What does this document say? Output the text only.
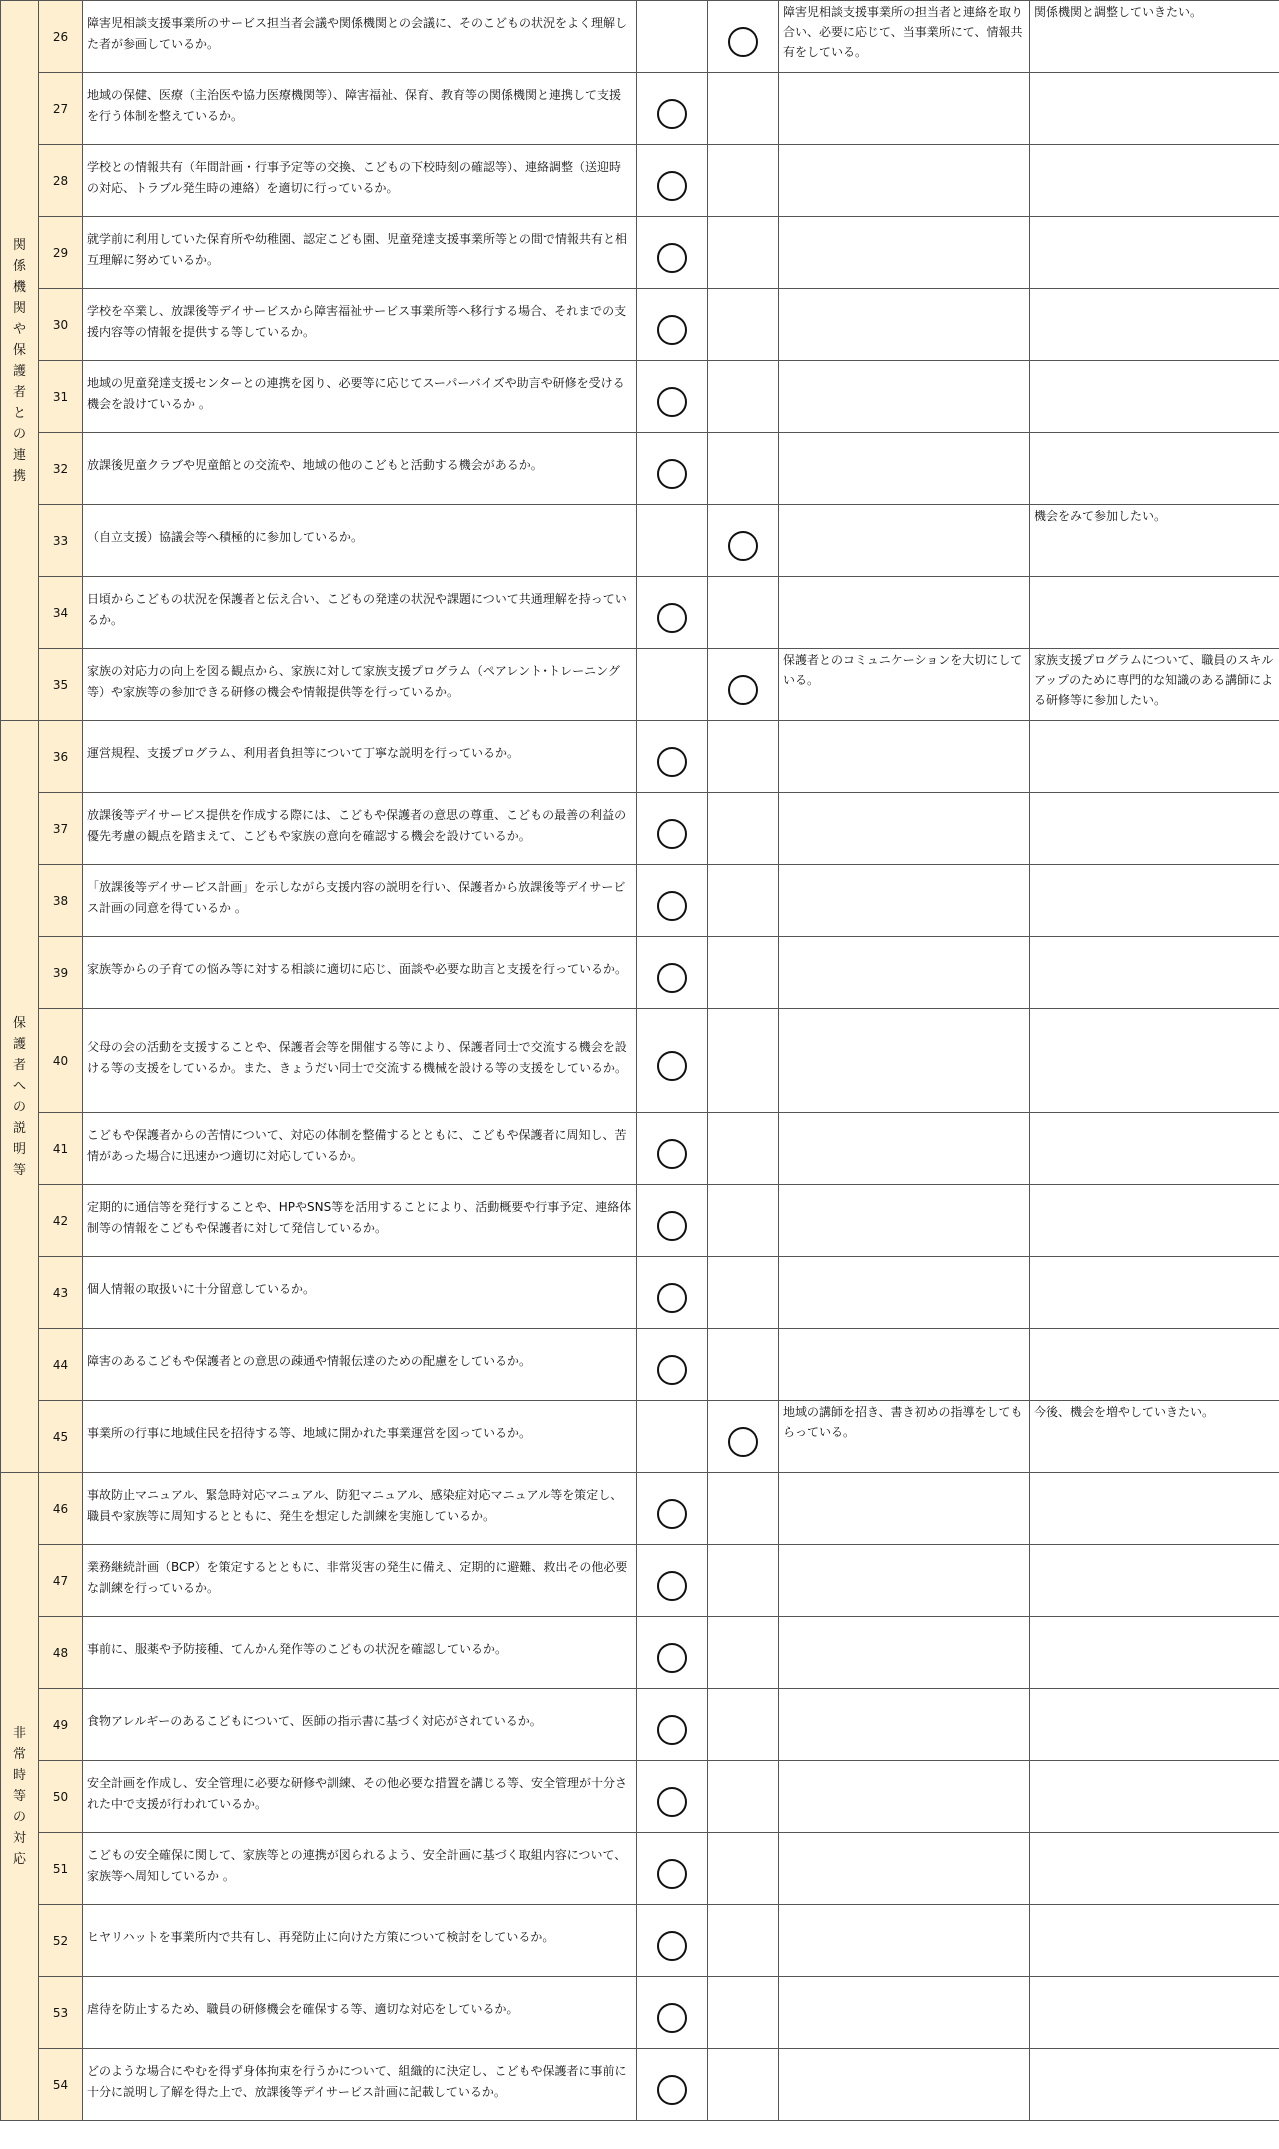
関係機関や保護者との連携	26	障害児相談支援事業所のサービス担当者会議や関係機関との会議に、そのこどもの状況をよく理解した者が参画しているか。			障害児相談支援事業所の担当者と連絡を取り合い、必要に応じて、当事業所にて、情報共有をしている。	関係機関と調整していきたい。
	27	地域の保健、医療（主治医や協力医療機関等）、障害福祉、保育、教育等の関係機関と連携して支援を行う体制を整えているか。				
	28	学校との情報共有（年間計画・行事予定等の交換、こどもの下校時刻の確認等）、連絡調整（送迎時の対応、トラブル発生時の連絡）を適切に行っているか。				
	29	就学前に利用していた保育所や幼稚園、認定こども園、児童発達支援事業所等との間で情報共有と相互理解に努めているか。				
	30	学校を卒業し、放課後等デイサービスから障害福祉サービス事業所等へ移行する場合、それまでの支援内容等の情報を提供する等しているか。				
	31	地域の児童発達支援センターとの連携を図り、必要等に応じてスーパーバイズや助言や研修を受ける機会を設けているか 。				
	32	放課後児童クラブや児童館との交流や、地域の他のこどもと活動する機会があるか。				
	33	（自立支援）協議会等へ積極的に参加しているか。				機会をみて参加したい。
	34	日頃からこどもの状況を保護者と伝え合い、こどもの発達の状況や課題について共通理解を持っているか。				
	35	家族の対応力の向上を図る観点から、家族に対して家族支援プログラム（ペアレント･トレーニング等）や家族等の参加できる研修の機会や情報提供等を行っているか。			保護者とのコミュニケーションを大切にしている。	家族支援プログラムについて、職員のスキルアップのために専門的な知識のある講師による研修等に参加したい。
保護者への説明等	36	運営規程、支援プログラム、利用者負担等について丁寧な説明を行っているか。				
	37	放課後等デイサービス提供を作成する際には、こどもや保護者の意思の尊重、こどもの最善の利益の優先考慮の観点を踏まえて、こどもや家族の意向を確認する機会を設けているか。				
	38	「放課後等デイサービス計画」を示しながら支援内容の説明を行い、保護者から放課後等デイサービス計画の同意を得ているか 。				
	39	家族等からの子育ての悩み等に対する相談に適切に応じ、面談や必要な助言と支援を行っているか。				
	40	父母の会の活動を支援することや、保護者会等を開催する等により、保護者同士で交流する機会を設ける等の支援をしているか。また、きょうだい同士で交流する機械を設ける等の支援をしているか。				
	41	こどもや保護者からの苦情について、対応の体制を整備するとともに、こどもや保護者に周知し、苦情があった場合に迅速かつ適切に対応しているか。				
	42	定期的に通信等を発行することや、HPやSNS等を活用することにより、活動概要や行事予定、連絡体制等の情報をこどもや保護者に対して発信しているか。				
	43	個人情報の取扱いに十分留意しているか。				
	44	障害のあるこどもや保護者との意思の疎通や情報伝達のための配慮をしているか。				
	45	事業所の行事に地域住民を招待する等、地域に開かれた事業運営を図っているか。			地域の講師を招き、書き初めの指導をしてもらっている。	今後、機会を増やしていきたい。
非常時等の対応	46	事故防止マニュアル、緊急時対応マニュアル、防犯マニュアル、感染症対応マニュアル等を策定し、職員や家族等に周知するとともに、発生を想定した訓練を実施しているか。				
	47	業務継続計画（BCP）を策定するとともに、非常災害の発生に備え、定期的に避難、救出その他必要な訓練を行っているか。				
	48	事前に、服薬や予防接種、てんかん発作等のこどもの状況を確認しているか。				
	49	食物アレルギーのあるこどもについて、医師の指示書に基づく対応がされているか。				
	50	安全計画を作成し、安全管理に必要な研修や訓練、その他必要な措置を講じる等、安全管理が十分された中で支援が行われているか。				
	51	こどもの安全確保に関して、家族等との連携が図られるよう、安全計画に基づく取組内容について、家族等へ周知しているか 。				
	52	ヒヤリハットを事業所内で共有し、再発防止に向けた方策について検討をしているか。				
	53	虐待を防止するため、職員の研修機会を確保する等、適切な対応をしているか。				
	54	どのような場合にやむを得ず身体拘束を行うかについて、組織的に決定し、こどもや保護者に事前に十分に説明し了解を得た上で、放課後等デイサービス計画に記載しているか。				
